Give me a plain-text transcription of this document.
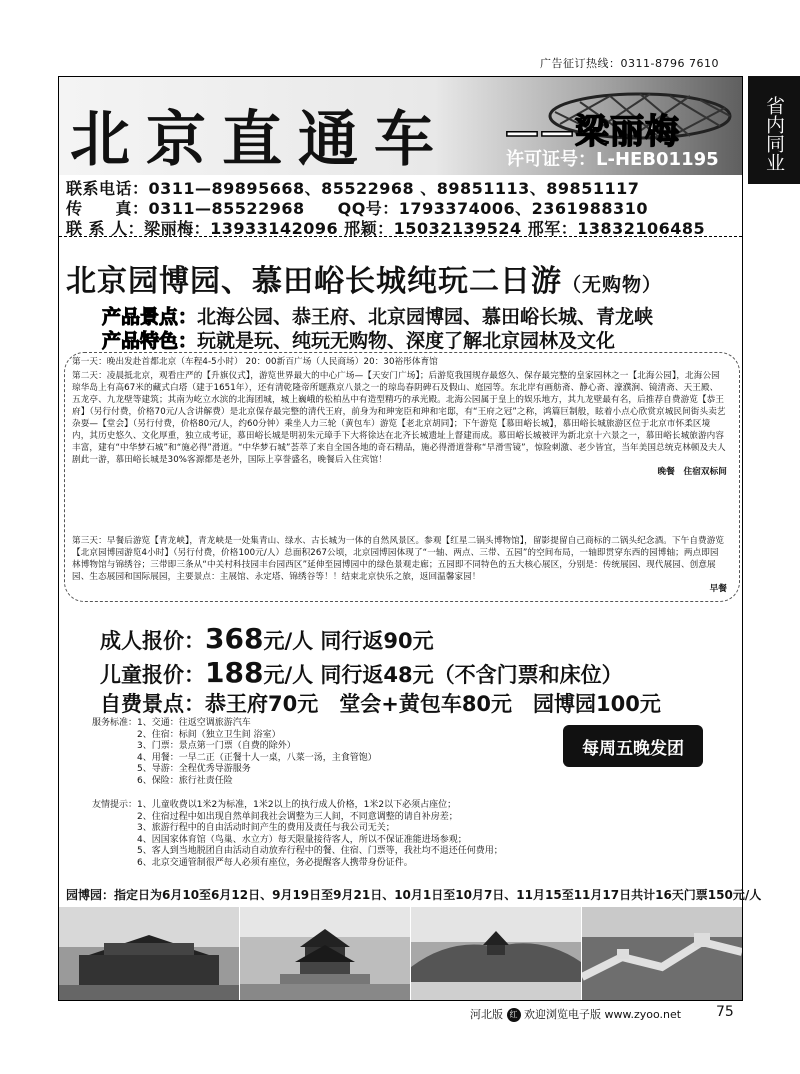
广告征订热线：0311-8796 7610
省内同业
北京直通车 ——梁丽梅
许可证号：L-HEB01195
联系电话：0311—89895668、85522968 、89851113、89851117
传　　真：0311—85522968　　QQ号：1793374006、2361988310
联 系 人：梁丽梅：13933142096 邢颖：15032139524 邢军：13832106485
北京园博园、慕田峪长城纯玩二日游（无购物）
产品景点：北海公园、恭王府、北京园博园、慕田峪长城、青龙峡
产品特色：玩就是玩、纯玩无购物、深度了解北京园林及文化
第一天：晚出发赴首都北京（车程4-5小时） 20：00新百广场（人民商场）20：30裕彤体育馆
第二天：凌晨抵北京，观看庄严的【升旗仪式】，游览世界最大的中心广场—【天安门广场】；后游览我国规存最悠久、保存最完整的皇家园林之一【北海公园】，北海公园琼华岛上有高67米的藏式白塔（建于1651年），还有清乾隆帝所题燕京八景之一的琼岛春阴碑石及假山、庭园等。东北岸有画舫斋、静心斋、濠濮涧、镜清斋、天王殿、五龙亭、九龙壁等建筑；其南为屹立水滨的北海团城，城上巍峨的松柏丛中有造型精巧的承光殿。北海公园属于皇上的娱乐地方，其九龙壁最有名，后推荐自费游览【恭王府】（另行付费，价格70元/人含讲解费）是北京保存最完整的清代王府，前身为和珅宠臣和珅和宅邸，有“王府之冠”之称，鸿篇巨制般，眩着小点心欣赏京城民间街头卖艺杂耍—【堂会】（另行付费，价格80元/人，约60分钟）乘坐人力三轮（黄包车）游览【老北京胡同】；下午游览【慕田峪长城】，慕田峪长城旅游区位于北京市怀柔区境内，其历史悠久、文化厚重，独立成考证，慕田峪长城是明初朱元璋手下大将徐达在北齐长城遗址上督建而成。慕田峪长城被评为新北京十六景之一，慕田峪长城旅游内容丰富，建有“中华梦石城”和“施必得”滑道。“中华梦石城”荟萃了来自全国各地的奇石精品，施必得滑道誉称“早滑雪镜”，惊险刺激、老少皆宜，当年美国总统克林顿及夫人剧此一游，慕田峪长城是30%客源都是老外，国际上享誉盛名，晚餐后入住宾馆！
晚餐　住宿双标间
第三天：早餐后游览【青龙峡】，青龙峡是一处集青山、绿水、古长城为一体的自然风景区。参观【红星二锅头博物馆】，留影提留自己商标的二锅头纪念酒。下午自费游览【北京园博园游览4小时】（另行付费，价格100元/人）总面积267公顷，北京园博园体现了“一轴、两点、三带、五园”的空间布局，一轴即贯穿东西的园博轴；两点即园林博物馆与锦绣谷；三带即三条从“中关村科技园丰台园西区”延伸至园博园中的绿色景观走廊；五园即不同特色的五大核心展区，分别是：传统展园、现代展园、创意展园、生态展园和国际展园，主要景点：主展馆、永定塔、锦绣谷等！！结束北京快乐之旅，返回温馨家园！
早餐
成人报价：368元/人 同行返90元
儿童报价：188元/人 同行返48元（不含门票和床位）
自费景点：恭王府70元　堂会+黄包车80元　园博园100元
服务标准：1、交通：往返空调旅游汽车
　　　　　2、住宿：标间（独立卫生间 浴室）
　　　　　3、门票：景点第一门票（自费的除外）
　　　　　4、用餐：一早二正（正餐十人一桌，八菜一汤，主食管饱）
　　　　　5、导游：全程优秀导游服务
　　　　　6、保险：旅行社责任险
每周五晚发团
友情提示：1、儿童收费以1米2为标准，1米2以上的执行成人价格，1米2以下必须占座位；
　　　　　2、住宿过程中如出现自然单间我社会调整为三人间，不同意调整的请自补房差；
　　　　　3、旅游行程中的自由活动时间产生的费用及责任与我公司无关；
　　　　　4、因国家体育馆（鸟巢、水立方）每天限量接待客人，所以不保证准能进场参观；
　　　　　5、客人到当地脱团自由活动自动放弃行程中的餐、住宿、门票等，我社均不退还任何费用；
　　　　　6、北京交通管制很严每人必须有座位，务必提醒客人携带身份证件。
园博园：指定日为6月10至6月12日、9月19日至9月21日、10月1日至10月7日、11月15至11月17日共计16天门票150元/人
河北版 红 欢迎浏览电子版 www.zyoo.net 75
